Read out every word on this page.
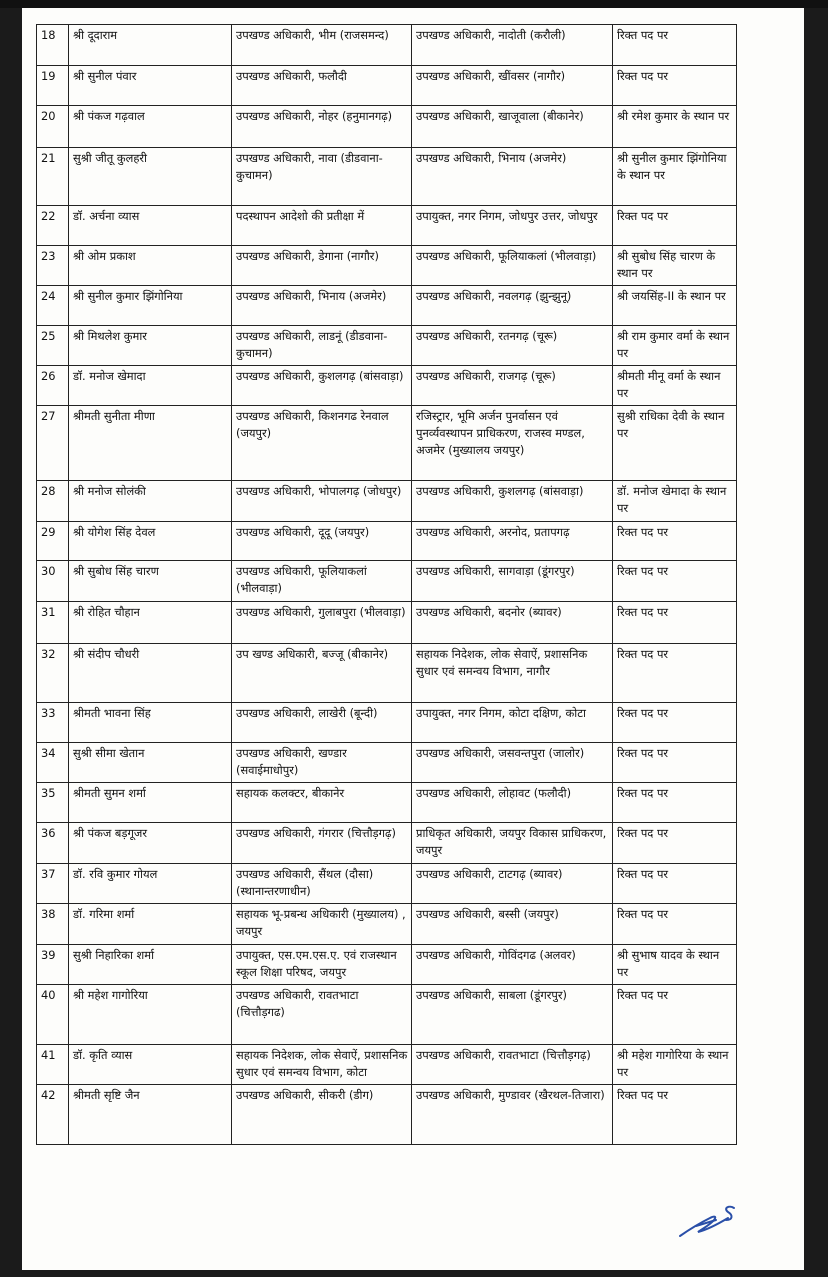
18	श्री दूदाराम	उपखण्ड अधिकारी, भीम (राजसमन्द)	उपखण्ड अधिकारी, नादोती (करौली)	रिक्त पद पर
19	श्री सुनील पंवार	उपखण्ड अधिकारी, फलौदी	उपखण्ड अधिकारी, खींवसर (नागौर)	रिक्त पद पर
20	श्री पंकज गढ़वाल	उपखण्ड अधिकारी, नोहर (हनुमानगढ़)	उपखण्ड अधिकारी, खाजूवाला (बीकानेर)	श्री रमेश कुमार के स्थान पर
21	सुश्री जीतू कुलहरी	उपखण्ड अधिकारी, नावा (डीडवाना-कुचामन)	उपखण्ड अधिकारी, भिनाय (अजमेर)	श्री सुनील कुमार झिंगोनिया के स्थान पर
22	डॉ. अर्चना व्यास	पदस्थापन आदेशो की प्रतीक्षा में	उपायुक्त, नगर निगम, जोधपुर उत्तर, जोधपुर	रिक्त पद पर
23	श्री ओम प्रकाश	उपखण्ड अधिकारी, डेगाना (नागौर)	उपखण्ड अधिकारी, फूलियाकलां (भीलवाड़ा)	श्री सुबोध सिंह चारण के स्थान पर
24	श्री सुनील कुमार झिंगोनिया	उपखण्ड अधिकारी, भिनाय (अजमेर)	उपखण्ड अधिकारी, नवलगढ़ (झुन्झुनू)	श्री जयसिंह-II के स्थान पर
25	श्री मिथलेश कुमार	उपखण्ड अधिकारी, लाडनूं (डीडवाना-कुचामन)	उपखण्ड अधिकारी, रतनगढ़ (चूरू)	श्री राम कुमार वर्मा के स्थान पर
26	डॉ. मनोज खेमादा	उपखण्ड अधिकारी, कुशलगढ़ (बांसवाड़ा)	उपखण्ड अधिकारी, राजगढ़ (चूरू)	श्रीमती मीनू वर्मा के स्थान पर
27	श्रीमती सुनीता मीणा	उपखण्ड अधिकारी, किशनगढ रेनवाल (जयपुर)	रजिस्ट्रार, भूमि अर्जन पुनर्वासन एवं पुनर्व्यवस्थापन प्राधिकरण, राजस्व मण्डल, अजमेर (मुख्यालय जयपुर)	सुश्री राधिका देवी के स्थान पर
28	श्री मनोज सोलंकी	उपखण्ड अधिकारी, भोपालगढ़ (जोधपुर)	उपखण्ड अधिकारी, कुशलगढ़ (बांसवाड़ा)	डॉ. मनोज खेमादा के स्थान पर
29	श्री योगेश सिंह देवल	उपखण्ड अधिकारी, दूदू (जयपुर)	उपखण्ड अधिकारी, अरनोद, प्रतापगढ़	रिक्त पद पर
30	श्री सुबोध सिंह चारण	उपखण्ड अधिकारी, फूलियाकलां (भीलवाड़ा)	उपखण्ड अधिकारी, सागवाड़ा (डूंगरपुर)	रिक्त पद पर
31	श्री रोहित चौहान	उपखण्ड अधिकारी, गुलाबपुरा (भीलवाड़ा)	उपखण्ड अधिकारी, बदनोर (ब्यावर)	रिक्त पद पर
32	श्री संदीप चौधरी	उप खण्ड अधिकारी, बज्जू (बीकानेर)	सहायक निदेशक, लोक सेवाऐं, प्रशासनिक सुधार एवं समन्वय विभाग, नागौर	रिक्त पद पर
33	श्रीमती भावना सिंह	उपखण्ड अधिकारी, लाखेरी (बून्दी)	उपायुक्त, नगर निगम, कोटा दक्षिण, कोटा	रिक्त पद पर
34	सुश्री सीमा खेतान	उपखण्ड अधिकारी, खण्डार (सवाईमाधोपुर)	उपखण्ड अधिकारी, जसवन्तपुरा (जालोर)	रिक्त पद पर
35	श्रीमती सुमन शर्मा	सहायक कलक्टर, बीकानेर	उपखण्ड अधिकारी, लोहावट (फलौदी)	रिक्त पद पर
36	श्री पंकज बड़गूजर	उपखण्ड अधिकारी, गंगरार (चित्तौड़गढ़)	प्राधिकृत अधिकारी, जयपुर विकास प्राधिकरण, जयपुर	रिक्त पद पर
37	डॉ. रवि कुमार गोयल	उपखण्ड अधिकारी, सैंथल (दौसा) (स्थानान्तरणाधीन)	उपखण्ड अधिकारी, टाटगढ़ (ब्यावर)	रिक्त पद पर
38	डॉ. गरिमा शर्मा	सहायक भू-प्रबन्ध अधिकारी (मुख्यालय) , जयपुर	उपखण्ड अधिकारी, बस्सी (जयपुर)	रिक्त पद पर
39	सुश्री निहारिका शर्मा	उपायुक्त, एस.एम.एस.ए. एवं राजस्थान स्कूल शिक्षा परिषद, जयपुर	उपखण्ड अधिकारी, गोविंदगढ (अलवर)	श्री सुभाष यादव के स्थान पर
40	श्री महेश गागोरिया	उपखण्ड अधिकारी, रावतभाटा (चित्तौड़गढ)	उपखण्ड अधिकारी, साबला (डूंगरपुर)	रिक्त पद पर
41	डॉ. कृति व्यास	सहायक निदेशक, लोक सेवाऐं, प्रशासनिक सुधार एवं समन्वय विभाग, कोटा	उपखण्ड अधिकारी, रावतभाटा (चित्तौड़गढ़)	श्री महेश गागोरिया के स्थान पर
42	श्रीमती सृष्टि जैन	उपखण्ड अधिकारी, सीकरी (डीग)	उपखण्ड अधिकारी, मुण्डावर (खैरथल-तिजारा)	रिक्त पद पर
